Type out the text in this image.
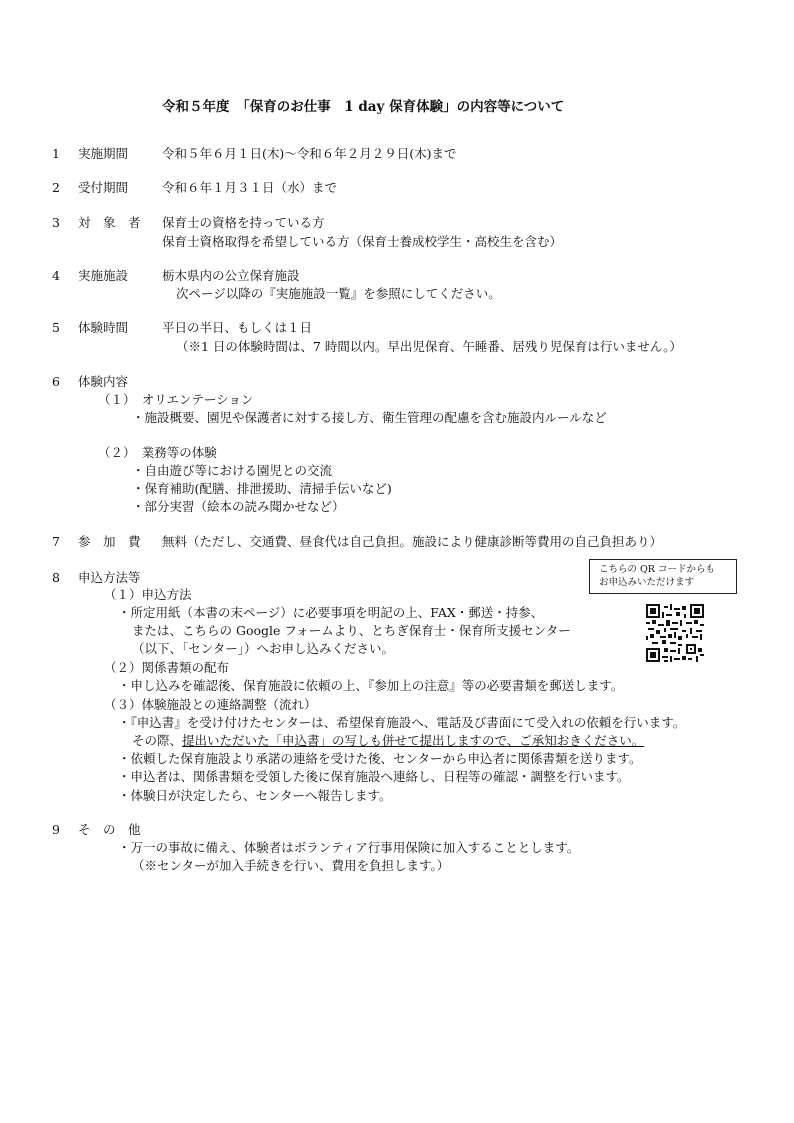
令和５年度　「保育のお仕事　1 day 保育体験」の内容等について
1 実施期間	令和５年６月１日(木)～令和６年２月２９日(木)まで
2 受付期間	令和６年１月３１日（水）まで
3 対　象　者 保育士の資格を持っている方
保育士資格取得を希望している方（保育士養成校学生・高校生を含む）
4 実施施設	栃木県内の公立保育施設
次ページ以降の『実施施設一覧』を参照にしてください。
5 体験時間	平日の半日、もしくは１日
（※1 日の体験時間は、7 時間以内。早出児保育、午睡番、居残り児保育は行いません。）
6 体験内容
（１）　オリエンテーション
・施設概要、園児や保護者に対する接し方、衛生管理の配慮を含む施設内ルールなど
（２）　業務等の体験
・自由遊び等における園児との交流
・保育補助(配膳、排泄援助、清掃手伝いなど)
・部分実習（絵本の読み聞かせなど）
7 参　加　費 無料（ただし、交通費、昼食代は自己負担。施設により健康診断等費用の自己負担あり）
8 申込方法等
こちらの QR コードからも
お申込みいただけます
（１）申込方法
・所定用紙（本書の末ページ）に必要事項を明記の上、FAX・郵送・持参、
または、こちらの Google フォームより、とちぎ保育士・保育所支援センター
（以下、「センター」）へお申し込みください。
（２）関係書類の配布
・申し込みを確認後、保育施設に依頼の上、『参加上の注意』等の必要書類を郵送します。
（３）体験施設との連絡調整（流れ）
・『申込書』を受け付けたセンターは、希望保育施設へ、電話及び書面にて受入れの依頼を行います。
その際、提出いただいた「申込書」の写しも併せて提出しますので、ご承知おきください。
・依頼した保育施設より承諾の連絡を受けた後、センターから申込者に関係書類を送ります。
・申込者は、関係書類を受領した後に保育施設へ連絡し、日程等の確認・調整を行います。
・体験日が決定したら、センターへ報告します。
9 そ　の　他
・万一の事故に備え、体験者はボランティア行事用保険に加入することとします。
（※センターが加入手続きを行い、費用を負担します。）
